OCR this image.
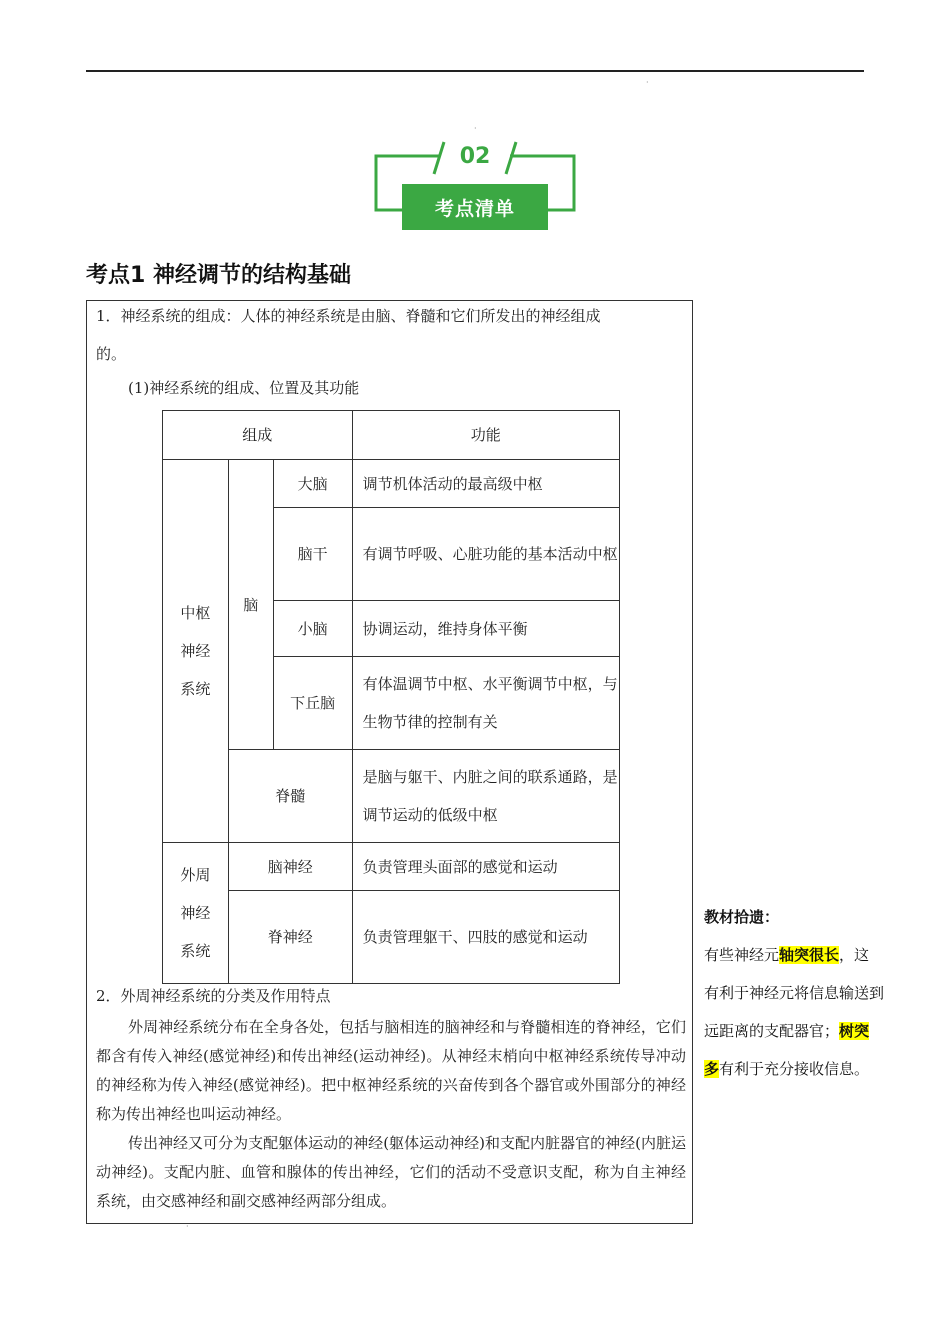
·
·
02
考点清单
考点1 神经调节的结构基础
1．神经系统的组成：人体的神经系统是由脑、脊髓和它们所发出的神经组成
的。
(1)神经系统的组成、位置及其功能
组成			功能
中枢
神经
系统	脑	大脑	调节机体活动的最高级中枢
		脑干	有调节呼吸、心脏功能的基本活动中枢
		小脑	协调运动，维持身体平衡
		下丘脑	有体温调节中枢、水平衡调节中枢，与生物节律的控制有关
	脊髓		是脑与躯干、内脏之间的联系通路，是调节运动的低级中枢
外周
神经
系统	脑神经		负责管理头面部的感觉和运动
	脊神经		负责管理躯干、四肢的感觉和运动
2．外周神经系统的分类及作用特点
外周神经系统分布在全身各处，包括与脑相连的脑神经和与脊髓相连的脊神经，它们都含有传入神经(感觉神经)和传出神经(运动神经)。从神经末梢向中枢神经系统传导冲动的神经称为传入神经(感觉神经)。把中枢神经系统的兴奋传到各个器官或外围部分的神经称为传出神经也叫运动神经。
传出神经又可分为支配躯体运动的神经(躯体运动神经)和支配内脏器官的神经(内脏运动神经)。支配内脏、血管和腺体的传出神经，它们的活动不受意识支配，称为自主神经系统，由交感神经和副交感神经两部分组成。
·
教材拾遗：
有些神经元轴突很长，这有利于神经元将信息输送到远距离的支配器官；树突多有利于充分接收信息。
